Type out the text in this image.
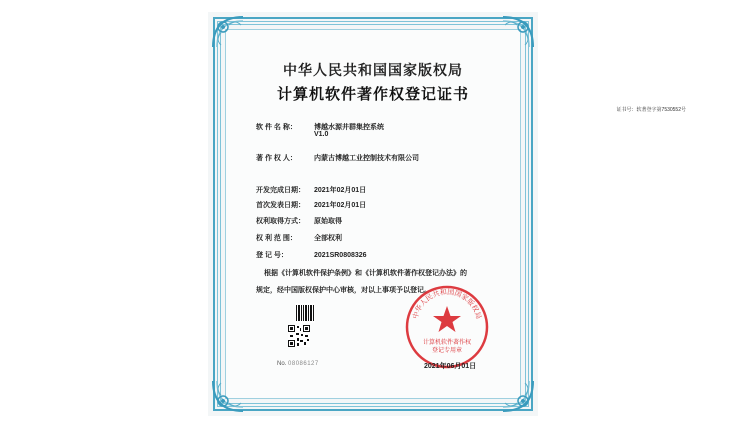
中华人民共和国国家版权局
计算机软件著作权登记证书
证书号：软著登字第7530552号
软 件 名 称： 博越水源井群集控系统
V1.0
著 作 权 人： 内蒙古博越工业控制技术有限公司
开发完成日期： 2021年02月01日
首次发表日期： 2021年02月01日
权利取得方式： 原始取得
权 利 范 围： 全部权利
登 记 号：	2021SR0808326
根据《计算机软件保护条例》和《计算机软件著作权登记办法》的
规定，经中国版权保护中心审核，对以上事项予以登记。
No. 08086127
中华人民共和国国家版权局
计算机软件著作权
登记专用章
2021年06月01日
